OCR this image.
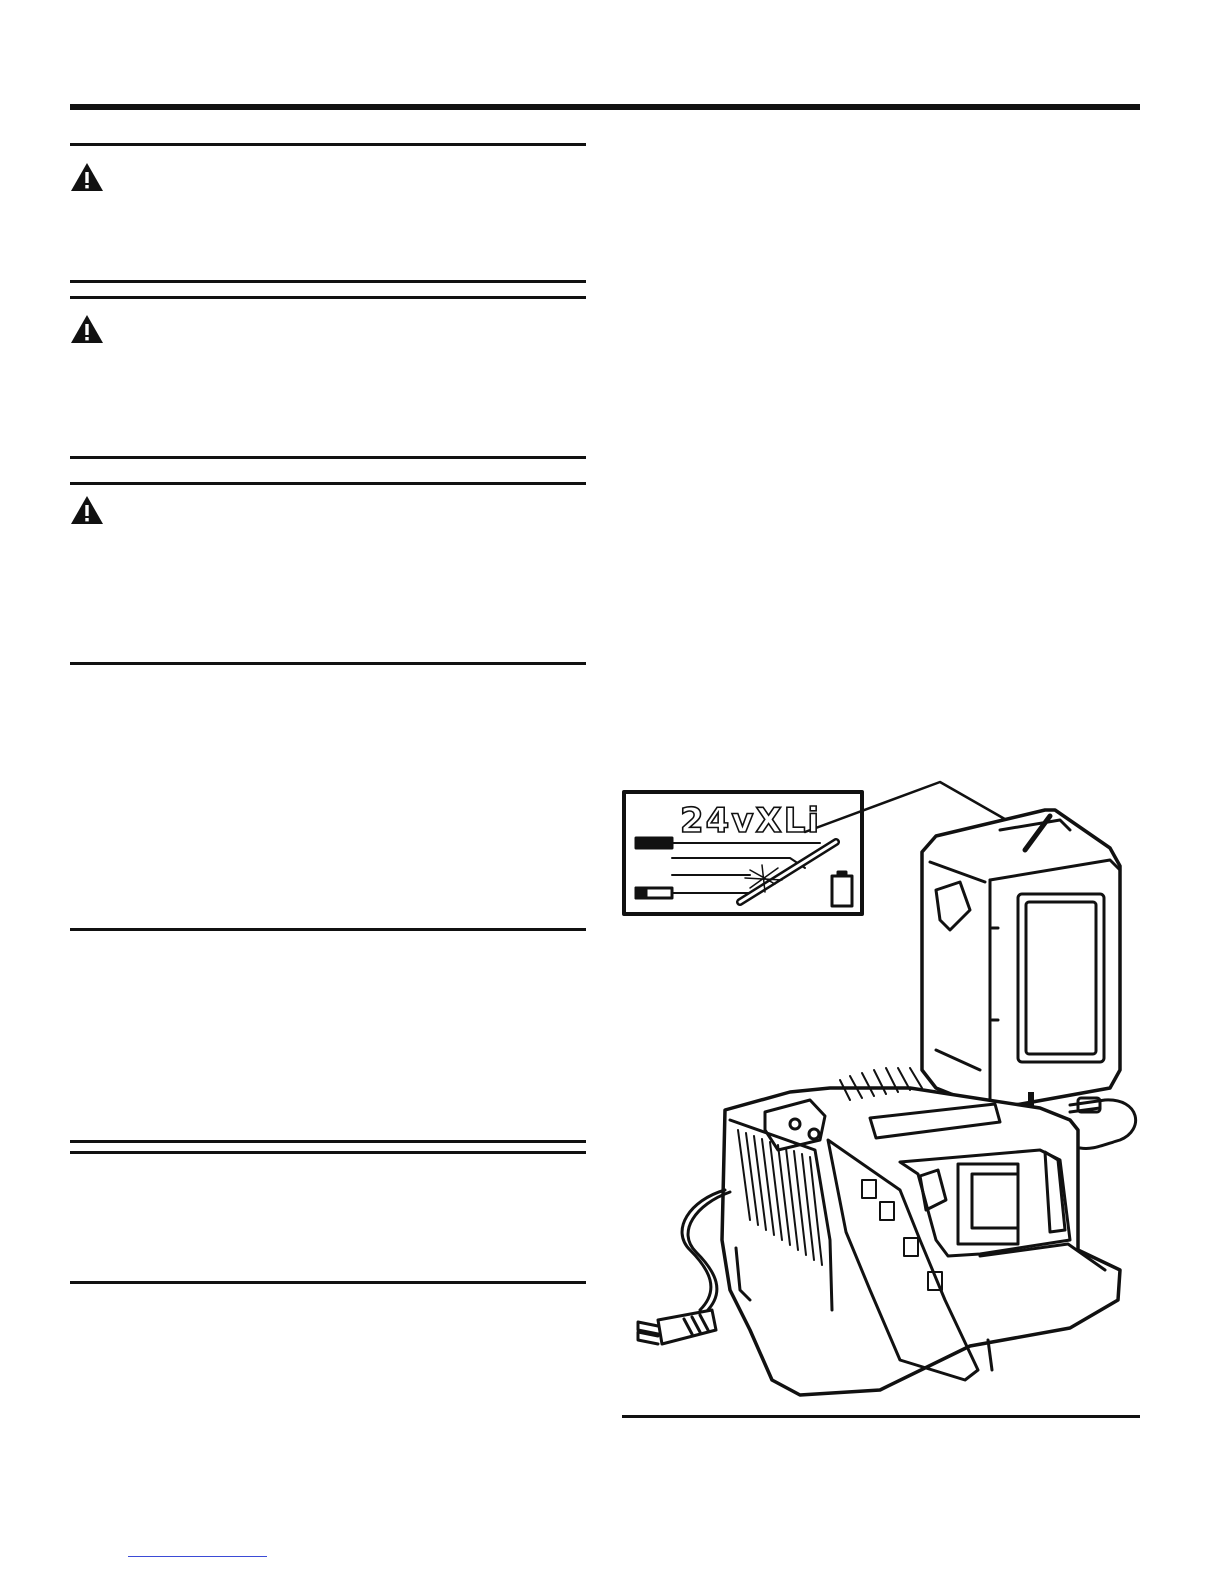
24vXLi
